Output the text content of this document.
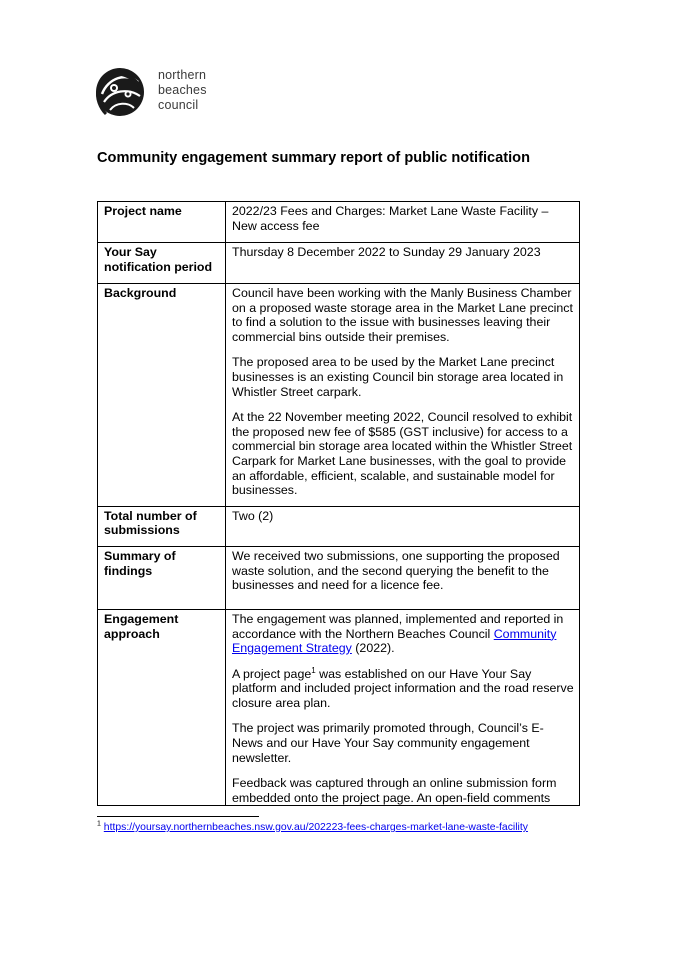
northern
beaches
council
Community engagement summary report of public notification
Project name	2022/23 Fees and Charges: Market Lane Waste Facility – New access fee
Your Say notification period	Thursday 8 December 2022 to Sunday 29 January 2023
Background	Council have been working with the Manly Business Chamber on a proposed waste storage area in the Market Lane precinct to find a solution to the issue with businesses leaving their commercial bins outside their premises.

The proposed area to be used by the Market Lane precinct businesses is an existing Council bin storage area located in Whistler Street carpark.

At the 22 November meeting 2022, Council resolved to exhibit the proposed new fee of $585 (GST inclusive) for access to a commercial bin storage area located within the Whistler Street Carpark for Market Lane businesses, with the goal to provide an affordable, efficient, scalable, and sustainable model for businesses.

Total number of submissions	Two (2)
Summary of findings	We received two submissions, one supporting the proposed waste solution, and the second querying the benefit to the businesses and need for a licence fee.
Engagement approach	The engagement was planned, implemented and reported in accordance with the Northern Beaches Council Community Engagement Strategy (2022).

A project page$^1$ was established on our Have Your Say platform and included project information and the road reserve closure area plan.

The project was primarily promoted through, Council’s E-News and our Have Your Say community engagement newsletter.

Feedback was captured through an online submission form embedded onto the project page. An open-field comments

$^1$ https://yoursay.northernbeaches.nsw.gov.au/202223-fees-charges-market-lane-waste-facility
